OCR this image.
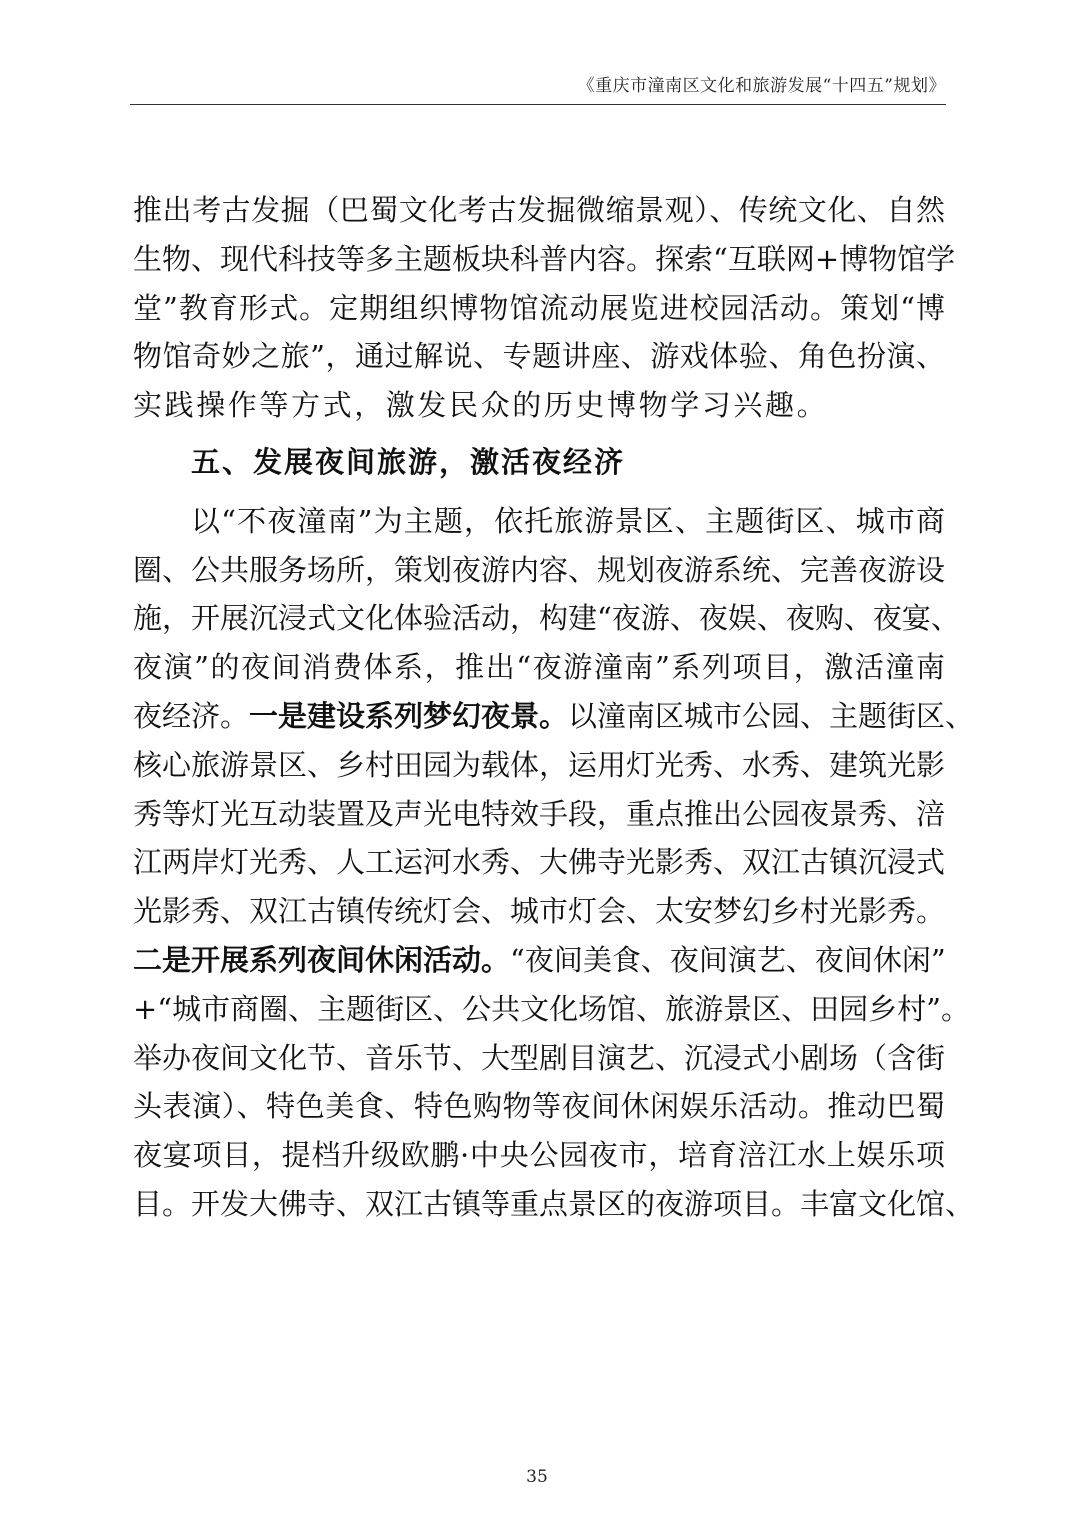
《重庆市潼南区文化和旅游发展“十四五”规划》
推出考古发掘（巴蜀文化考古发掘微缩景观）、传统文化、自然
生物、现代科技等多主题板块科普内容。探索“互联网+博物馆学
堂”教育形式。定期组织博物馆流动展览进校园活动。策划“博
物馆奇妙之旅”，通过解说、专题讲座、游戏体验、角色扮演、
实践操作等方式，激发民众的历史博物学习兴趣。
五、发展夜间旅游，激活夜经济
以“不夜潼南”为主题，依托旅游景区、主题街区、城市商
圈、公共服务场所，策划夜游内容、规划夜游系统、完善夜游设
施，开展沉浸式文化体验活动，构建“夜游、夜娱、夜购、夜宴、
夜演”的夜间消费体系，推出“夜游潼南”系列项目，激活潼南
夜经济。一是建设系列梦幻夜景。以潼南区城市公园、主题街区、
核心旅游景区、乡村田园为载体，运用灯光秀、水秀、建筑光影
秀等灯光互动装置及声光电特效手段，重点推出公园夜景秀、涪
江两岸灯光秀、人工运河水秀、大佛寺光影秀、双江古镇沉浸式
光影秀、双江古镇传统灯会、城市灯会、太安梦幻乡村光影秀。
二是开展系列夜间休闲活动。“夜间美食、夜间演艺、夜间休闲”
+“城市商圈、主题街区、公共文化场馆、旅游景区、田园乡村”。
举办夜间文化节、音乐节、大型剧目演艺、沉浸式小剧场（含街
头表演）、特色美食、特色购物等夜间休闲娱乐活动。推动巴蜀
夜宴项目，提档升级欧鹏·中央公园夜市，培育涪江水上娱乐项
目。开发大佛寺、双江古镇等重点景区的夜游项目。丰富文化馆、
35
